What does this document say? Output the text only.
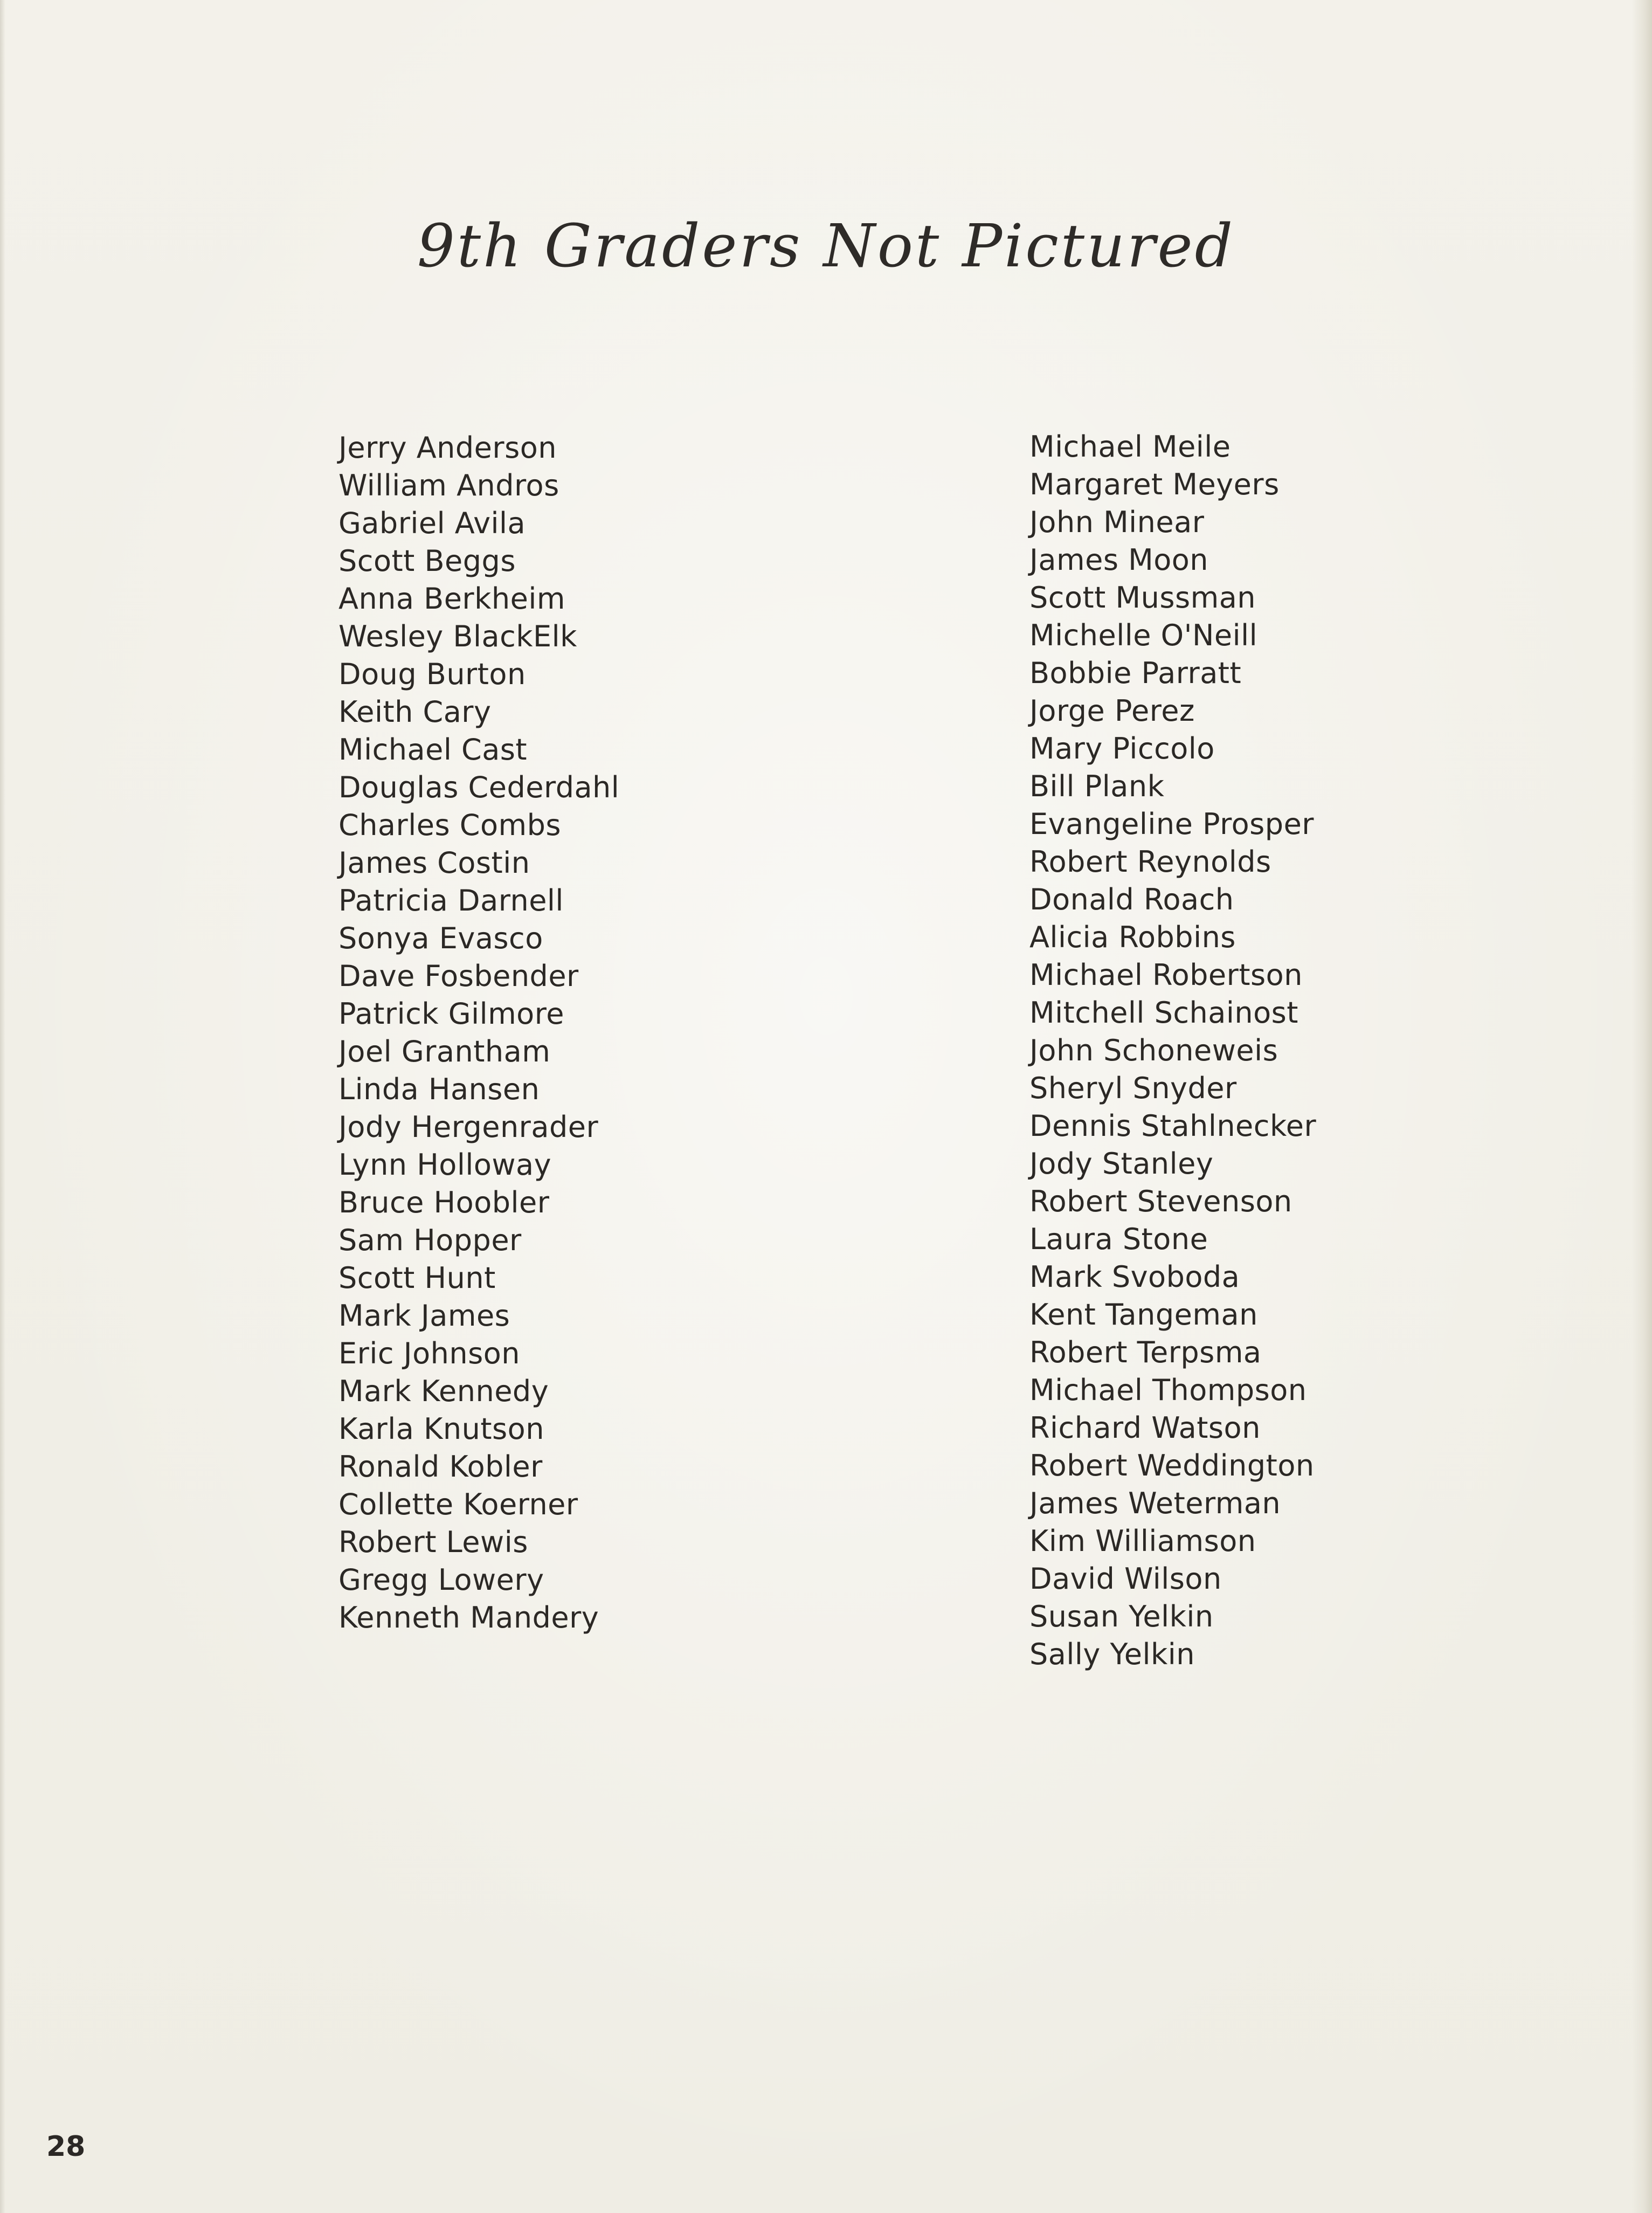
9th Graders Not Pictured
Jerry Anderson
William Andros
Gabriel Avila
Scott Beggs
Anna Berkheim
Wesley BlackElk
Doug Burton
Keith Cary
Michael Cast
Douglas Cederdahl
Charles Combs
James Costin
Patricia Darnell
Sonya Evasco
Dave Fosbender
Patrick Gilmore
Joel Grantham
Linda Hansen
Jody Hergenrader
Lynn Holloway
Bruce Hoobler
Sam Hopper
Scott Hunt
Mark James
Eric Johnson
Mark Kennedy
Karla Knutson
Ronald Kobler
Collette Koerner
Robert Lewis
Gregg Lowery
Kenneth Mandery
Michael Meile
Margaret Meyers
John Minear
James Moon
Scott Mussman
Michelle O'Neill
Bobbie Parratt
Jorge Perez
Mary Piccolo
Bill Plank
Evangeline Prosper
Robert Reynolds
Donald Roach
Alicia Robbins
Michael Robertson
Mitchell Schainost
John Schoneweis
Sheryl Snyder
Dennis Stahlnecker
Jody Stanley
Robert Stevenson
Laura Stone
Mark Svoboda
Kent Tangeman
Robert Terpsma
Michael Thompson
Richard Watson
Robert Weddington
James Weterman
Kim Williamson
David Wilson
Susan Yelkin
Sally Yelkin
28
